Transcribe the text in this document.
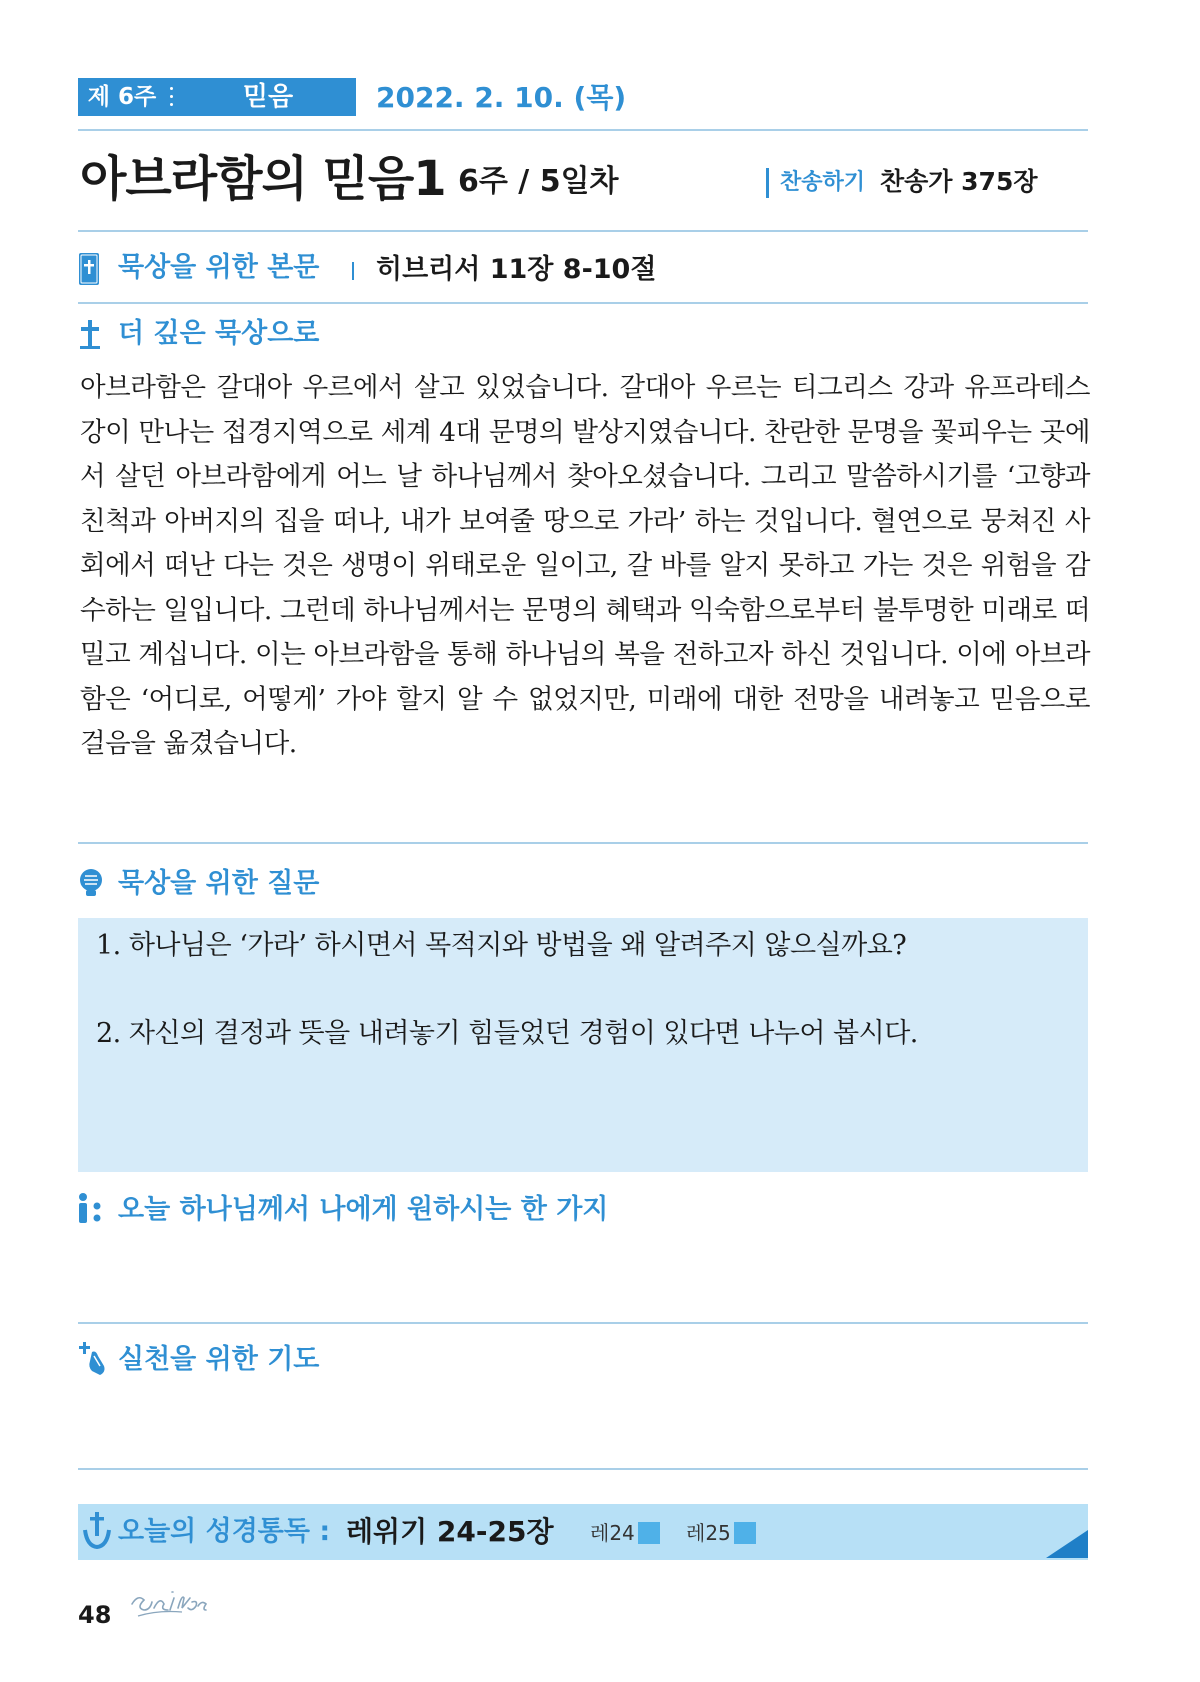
제 6주	믿음	2022. 2. 10. (목)
아브라함의 믿음1 6주 / 5일차	찬송하기 찬송가 375장
묵상을 위한 본문 히브리서 11장 8-10절
더 깊은 묵상으로

아브라함은 갈대아 우르에서 살고 있었습니다. 갈대아 우르는 티그리스 강과 유프라테스 강이 만나는 접경지역으로 세계 4대 문명의 발상지였습니다. 찬란한 문명을 꽃피우는 곳에서 살던 아브라함에게 어느 날 하나님께서 찾아오셨습니다. 그리고 말씀하시기를 ‘고향과 친척과 아버지의 집을 떠나, 내가 보여줄 땅으로 가라’ 하는 것입니다. 혈연으로 뭉쳐진 사회에서 떠난 다는 것은 생명이 위태로운 일이고, 갈 바를 알지 못하고 가는 것은 위험을 감수하는 일입니다. 그런데 하나님께서는 문명의 혜택과 익숙함으로부터 불투명한 미래로 떠밀고 계십니다. 이는 아브라함을 통해 하나님의 복을 전하고자 하신 것입니다. 이에 아브라함은 ‘어디로, 어떻게’ 가야 할지 알 수 없었지만, 미래에 대한 전망을 내려놓고 믿음으로 걸음을 옮겼습니다.

묵상을 위한 질문
1. 하나님은 ‘가라’ 하시면서 목적지와 방법을 왜 알려주지 않으실까요?
2. 자신의 결정과 뜻을 내려놓기 힘들었던 경험이 있다면 나누어 봅시다.
오늘 하나님께서 나에게 원하시는 한 가지
실천을 위한 기도
오늘의 성경통독 : 레위기 24-25장 레24	레25
48
